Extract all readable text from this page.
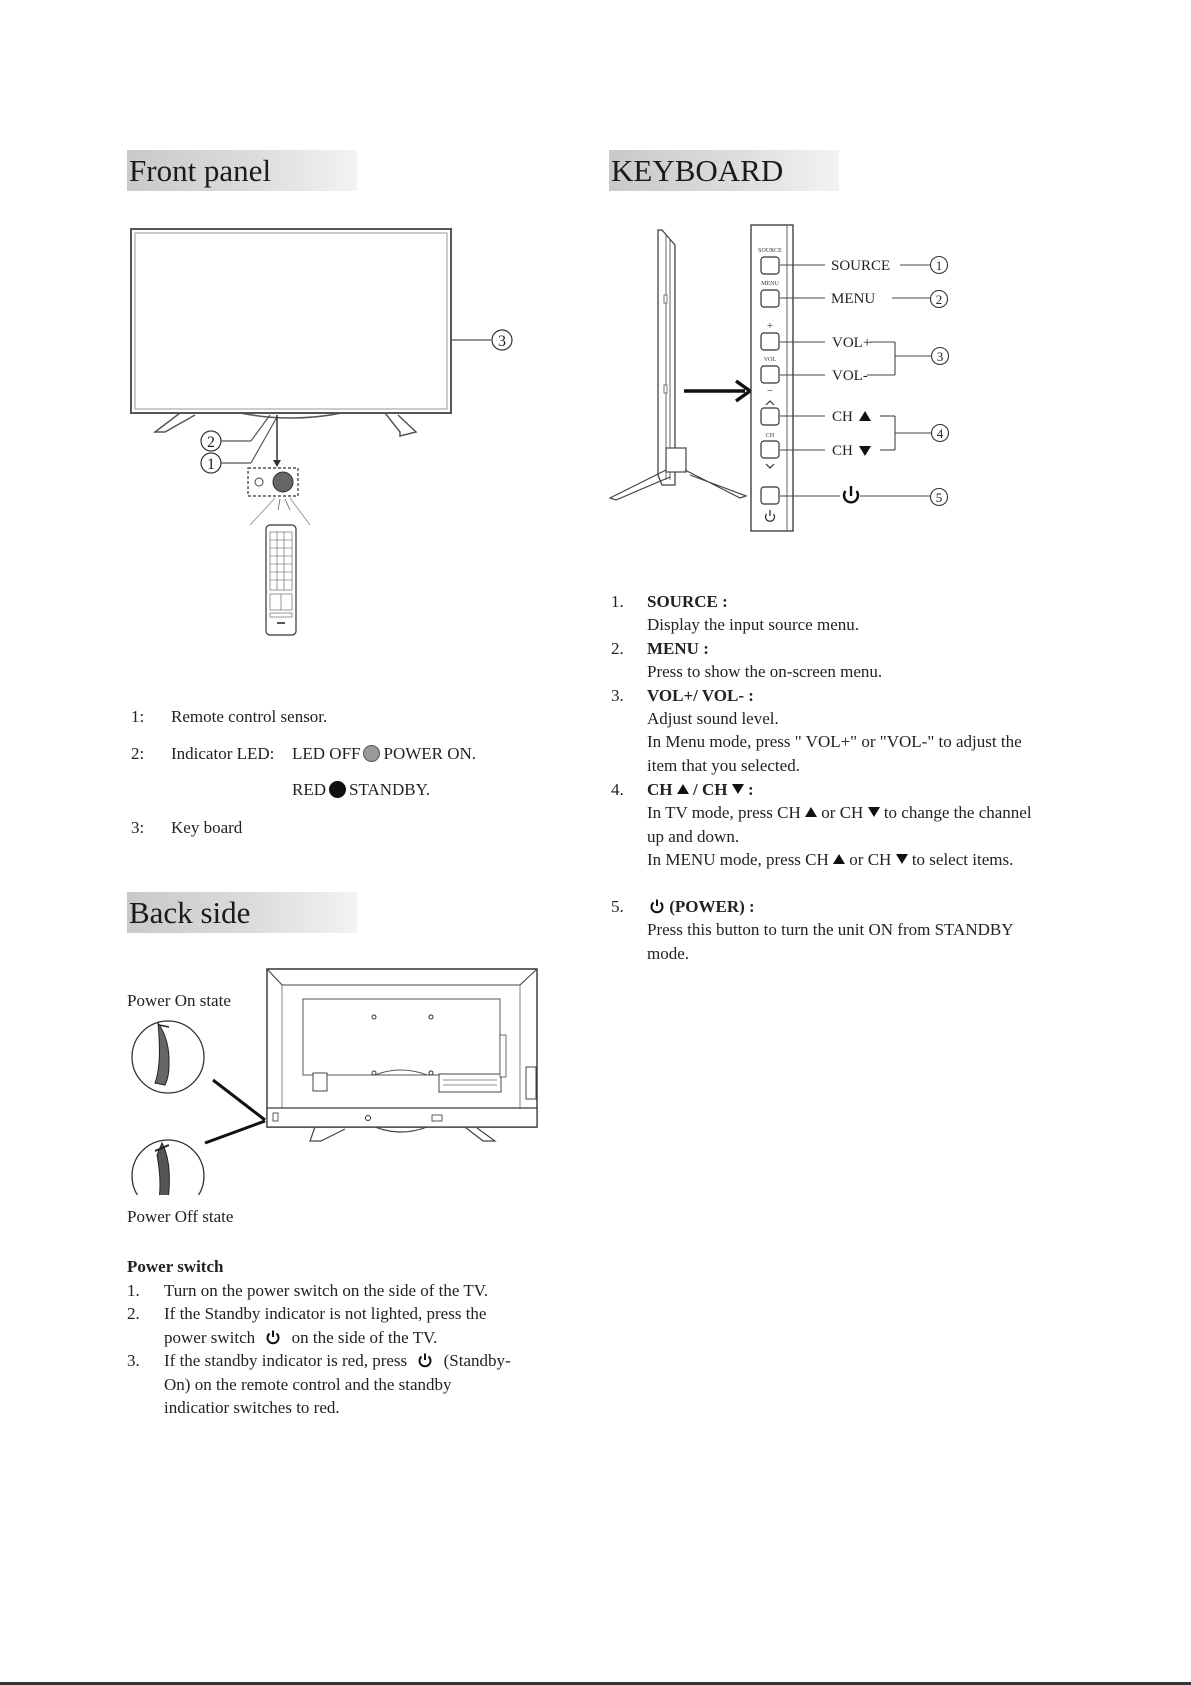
Front panel
3
2
1
1: Remote control sensor.
2: Indicator LED: LED OFF POWER ON.
RED STANDBY.
3: Key board
KEYBOARD
SOURCE
MENU
+
VOL
−
CH
SOURCE
MENU
VOL+
VOL-
CH
CH
1
2
3
4
5
1. SOURCE :
Display the input source menu.
2. MENU :
Press to show the on-screen menu.
3. VOL+/ VOL- :
Adjust sound level.
In Menu mode, press " VOL+" or "VOL-" to adjust the
item that you selected.
4. CH / CH :
In TV mode, press CH or CH to change the channel
up and down.
In MENU mode, press CH or CH to select items.
5.	(POWER) :
Press this button to turn the unit ON from STANDBY
mode.
Back side
Power On state
Power Off state
Power switch
1. Turn on the power switch on the side of the TV.
2. If the Standby indicator is not lighted, press the
power switch on the side of the TV.
3. If the standby indicator is red, press (Standby-
On) on the remote control and the standby
indicatior switches to red.
